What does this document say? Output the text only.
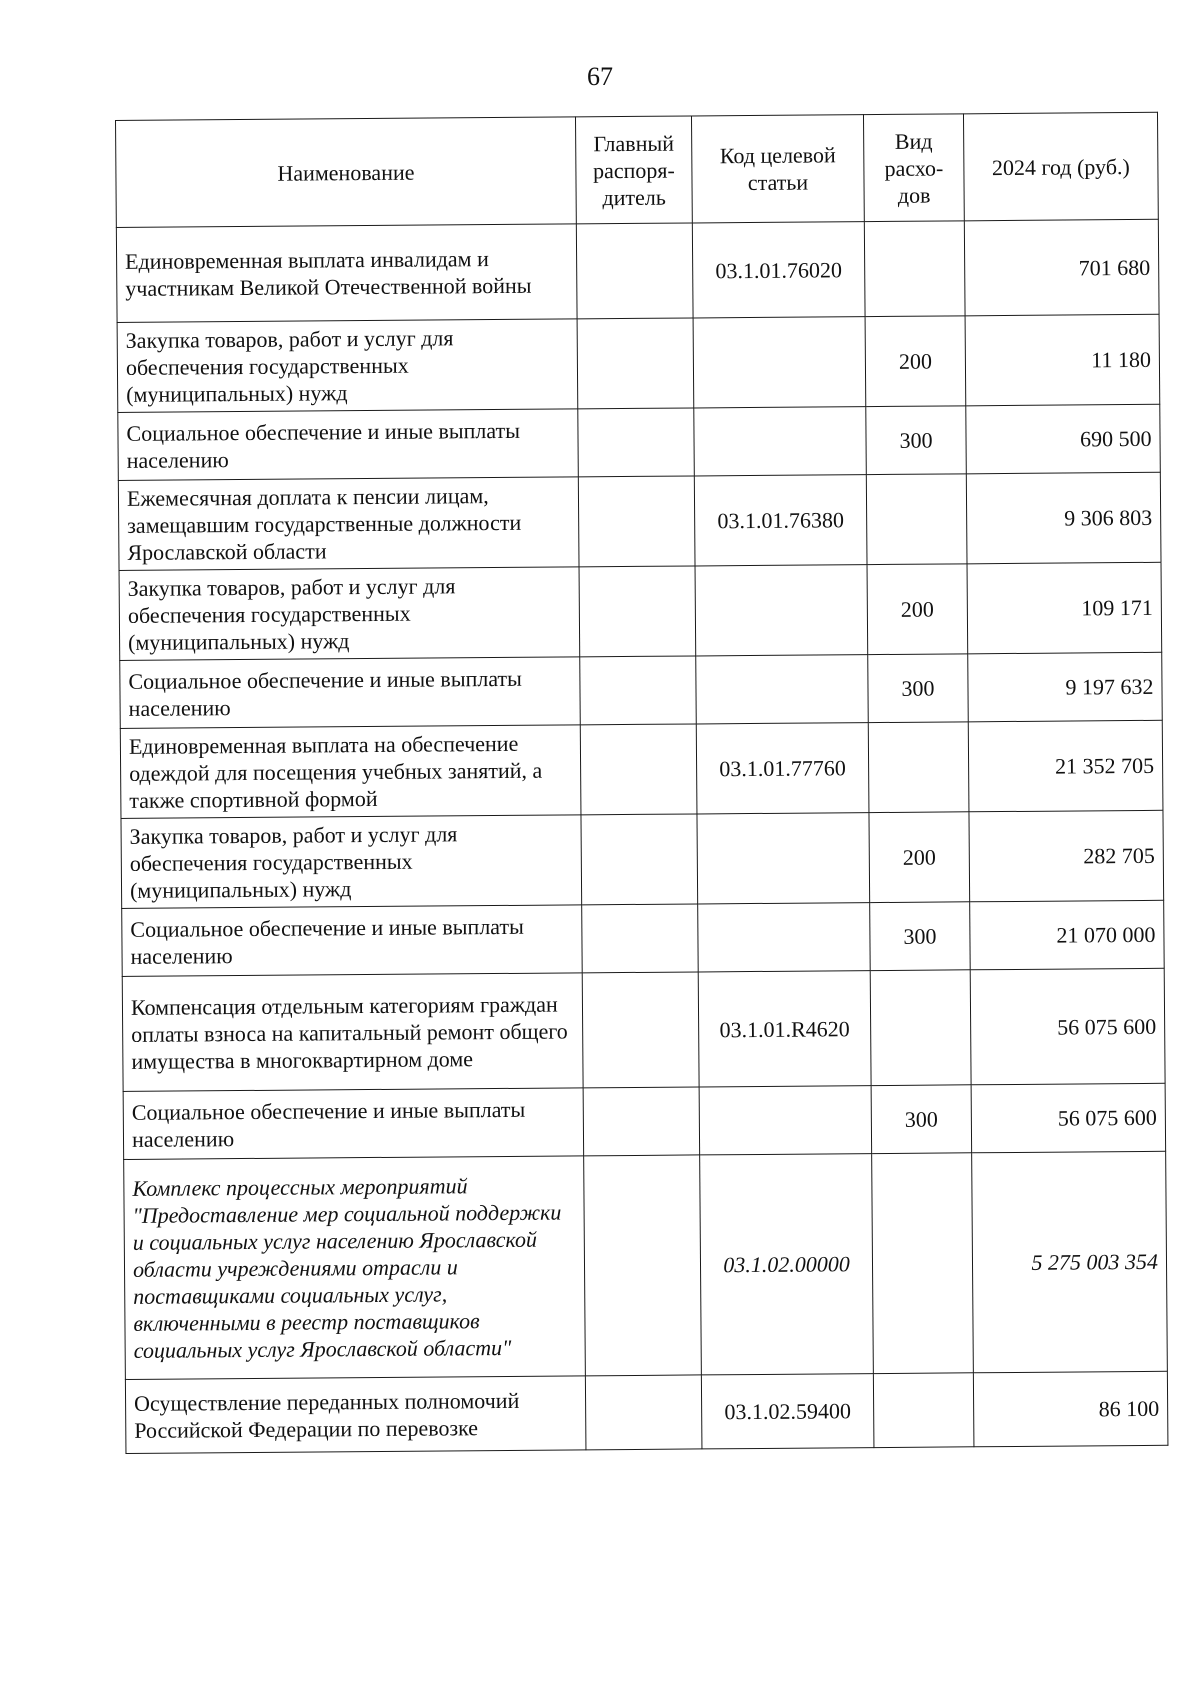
67
Наименование	Главный распоря-дитель	Код целевой статьи	Вид расхо-дов	2024 год (руб.)
Единовременная выплата инвалидам и участникам Великой Отечественной войны		03.1.01.76020		701 680
Закупка товаров, работ и услуг для обеспечения государственных (муниципальных) нужд			200	11 180
Социальное обеспечение и иные выплаты населению			300	690 500
Ежемесячная доплата к пенсии лицам, замещавшим государственные должности Ярославской области		03.1.01.76380		9 306 803
Закупка товаров, работ и услуг для обеспечения государственных (муниципальных) нужд			200	109 171
Социальное обеспечение и иные выплаты населению			300	9 197 632
Единовременная выплата на обеспечение одеждой для посещения учебных занятий, а также спортивной формой		03.1.01.77760		21 352 705
Закупка товаров, работ и услуг для обеспечения государственных (муниципальных) нужд			200	282 705
Социальное обеспечение и иные выплаты населению			300	21 070 000
Компенсация отдельным категориям граждан оплаты взноса на капитальный ремонт общего имущества в многоквартирном доме		03.1.01.R4620		56 075 600
Социальное обеспечение и иные выплаты населению			300	56 075 600
Комплекс процессных мероприятий "Предоставление мер социальной поддержки и социальных услуг населению Ярославской области учреждениями отрасли и поставщиками социальных услуг, включенными в реестр поставщиков социальных услуг Ярославской области"		03.1.02.00000		5 275 003 354
Осуществление переданных полномочий Российской Федерации по перевозке		03.1.02.59400		86 100
